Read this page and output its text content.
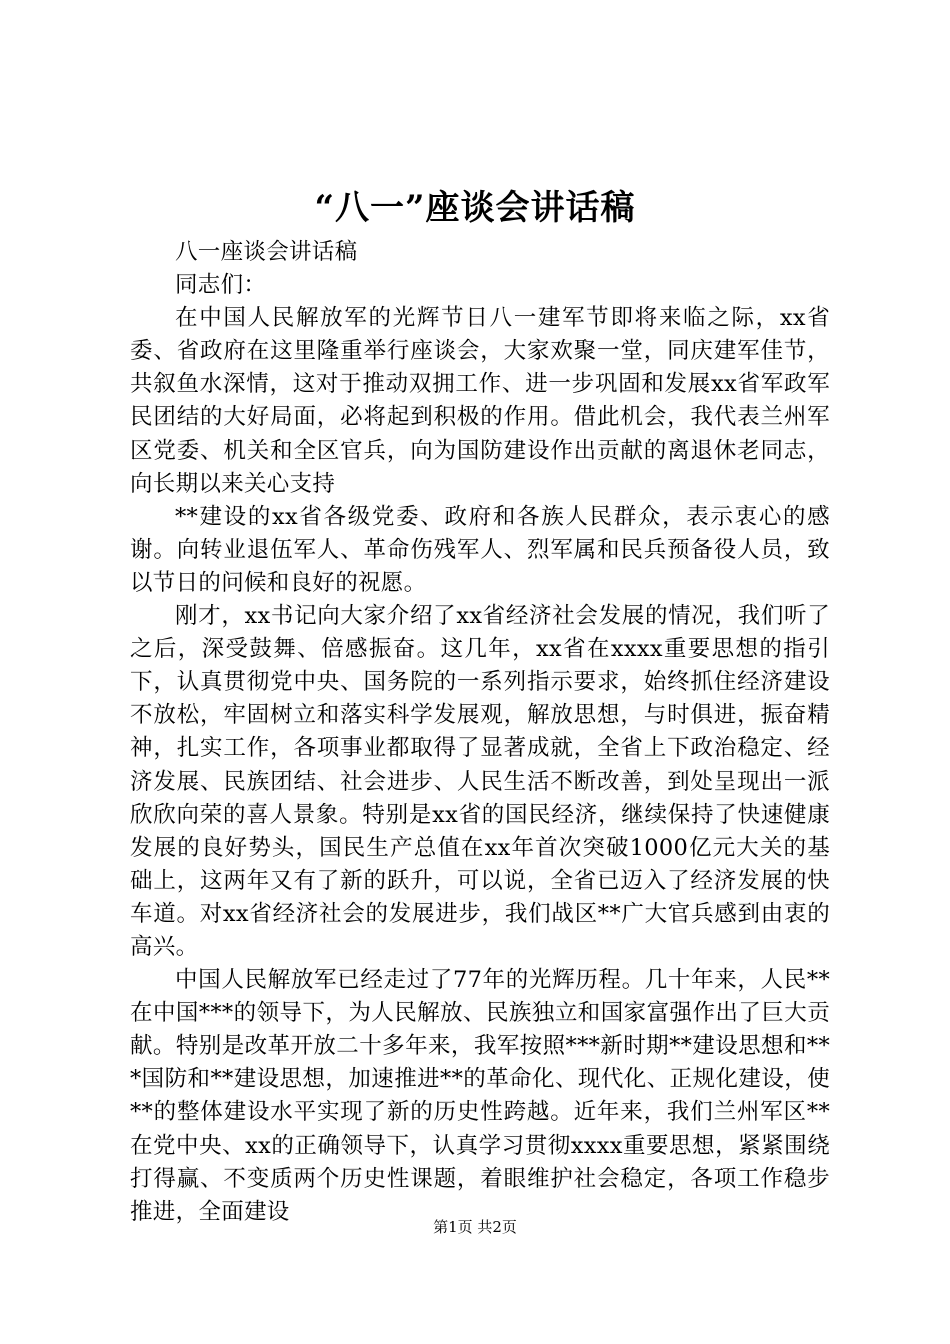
“八一”座谈会讲话稿

八一座谈会讲话稿

同志们：

在中国人民解放军的光辉节日八一建军节即将来临之际，xx省委、省政府在这里隆重举行座谈会，大家欢聚一堂，同庆建军佳节，共叙鱼水深情，这对于推动双拥工作、进一步巩固和发展xx省军政军民团结的大好局面，必将起到积极的作用。借此机会，我代表兰州军区党委、机关和全区官兵，向为国防建设作出贡献的离退休老同志，向长期以来关心支持

**建设的xx省各级党委、政府和各族人民群众，表示衷心的感谢。向转业退伍军人、革命伤残军人、烈军属和民兵预备役人员，致以节日的问候和良好的祝愿。

刚才，xx书记向大家介绍了xx省经济社会发展的情况，我们听了之后，深受鼓舞、倍感振奋。这几年，xx省在xxxx重要思想的指引下，认真贯彻党中央、国务院的一系列指示要求，始终抓住经济建设不放松，牢固树立和落实科学发展观，解放思想，与时俱进，振奋精神，扎实工作，各项事业都取得了显著成就，全省上下政治稳定、经济发展、民族团结、社会进步、人民生活不断改善，到处呈现出一派欣欣向荣的喜人景象。特别是xx省的国民经济，继续保持了快速健康发展的良好势头，国民生产总值在xx年首次突破1000亿元大关的基础上，这两年又有了新的跃升，可以说，全省已迈入了经济发展的快车道。对xx省经济社会的发展进步，我们战区**广大官兵感到由衷的高兴。

中国人民解放军已经走过了77年的光辉历程。几十年来，人民**在中国***的领导下，为人民解放、民族独立和国家富强作出了巨大贡献。特别是改革开放二十多年来，我军按照***新时期**建设思想和***国防和**建设思想，加速推进**的革命化、现代化、正规化建设，使**的整体建设水平实现了新的历史性跨越。近年来，我们兰州军区**在党中央、xx的正确领导下，认真学习贯彻xxxx重要思想，紧紧围绕打得赢、不变质两个历史性课题，着眼维护社会稳定，各项工作稳步推进，全面建设

第1页 共2页
